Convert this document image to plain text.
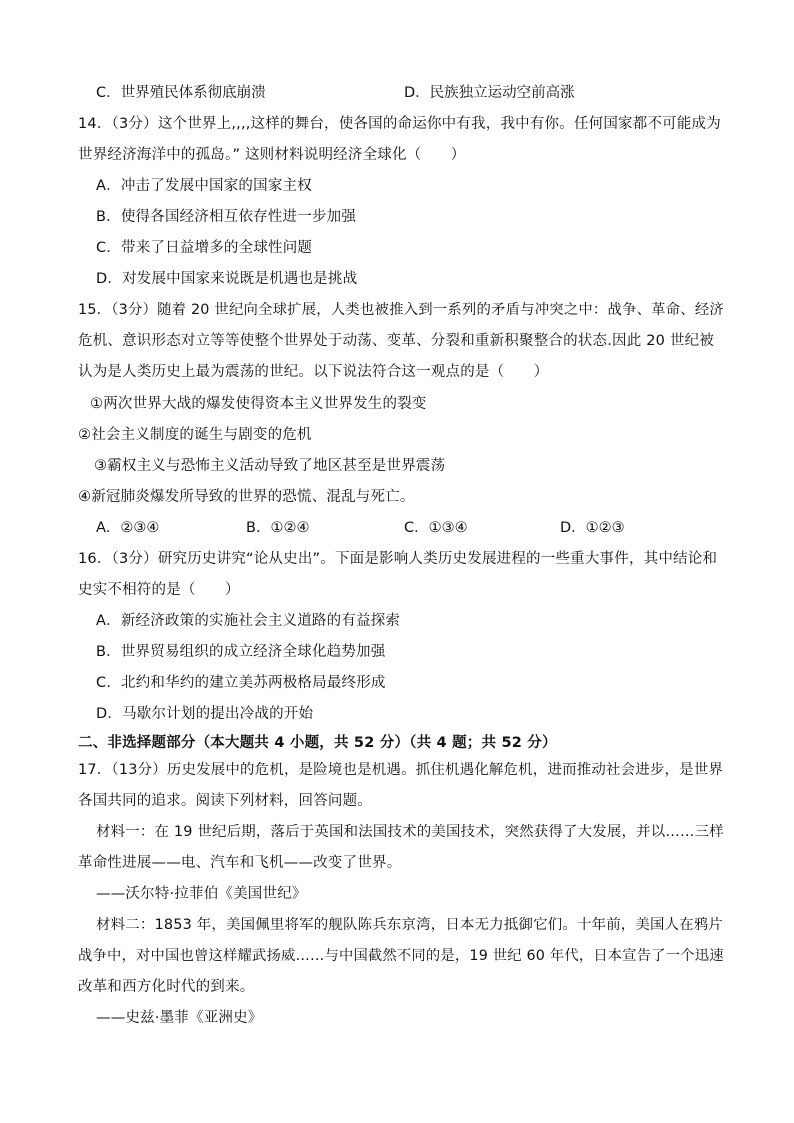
C．世界殖民体系彻底崩溃	D．民族独立运动空前高涨
14．（3分）这个世界上,,,,这样的舞台，使各国的命运你中有我，我中有你。任何国家都不可能成为
世界经济海洋中的孤岛。” 这则材料说明经济全球化（　　）
A．冲击了发展中国家的国家主权
B．使得各国经济相互依存性进一步加强
C．带来了日益增多的全球性问题
D．对发展中国家来说既是机遇也是挑战
15．（3分）随着 20 世纪向全球扩展，人类也被推入到一系列的矛盾与冲突之中：战争、革命、经济
危机、意识形态对立等等使整个世界处于动荡、变革、分裂和重新积聚整合的状态.因此 20 世纪被
认为是人类历史上最为震荡的世纪。以下说法符合这一观点的是（　　）
①两次世界大战的爆发使得资本主义世界发生的裂变
②社会主义制度的诞生与剧变的危机
③霸权主义与恐怖主义活动导致了地区甚至是世界震荡
④新冠肺炎爆发所导致的世界的恐慌、混乱与死亡。
A．②③④	B．①②④	C．①③④	D．①②③
16．（3分）研究历史讲究“论从史出”。下面是影响人类历史发展进程的一些重大事件，其中结论和
史实不相符的是（　　）
A．新经济政策的实施社会主义道路的有益探索
B．世界贸易组织的成立经济全球化趋势加强
C．北约和华约的建立美苏两极格局最终形成
D．马歇尔计划的提出冷战的开始
二、非选择题部分（本大题共 4 小题，共 52 分）（共 4 题；共 52 分）
17．（13分）历史发展中的危机，是险境也是机遇。抓住机遇化解危机，进而推动社会进步，是世界
各国共同的追求。阅读下列材料，回答问题。
材料一：在 19 世纪后期，落后于英国和法国技术的美国技术，突然获得了大发展，并以……三样
革命性进展——电、汽车和飞机——改变了世界。
——沃尔特·拉菲伯《美国世纪》
材料二：1853 年，美国佩里将军的舰队陈兵东京湾，日本无力抵御它们。十年前，美国人在鸦片
战争中，对中国也曾这样耀武扬威……与中国截然不同的是，19 世纪 60 年代，日本宣告了一个迅速
改革和西方化时代的到来。
——史兹·墨菲《亚洲史》
